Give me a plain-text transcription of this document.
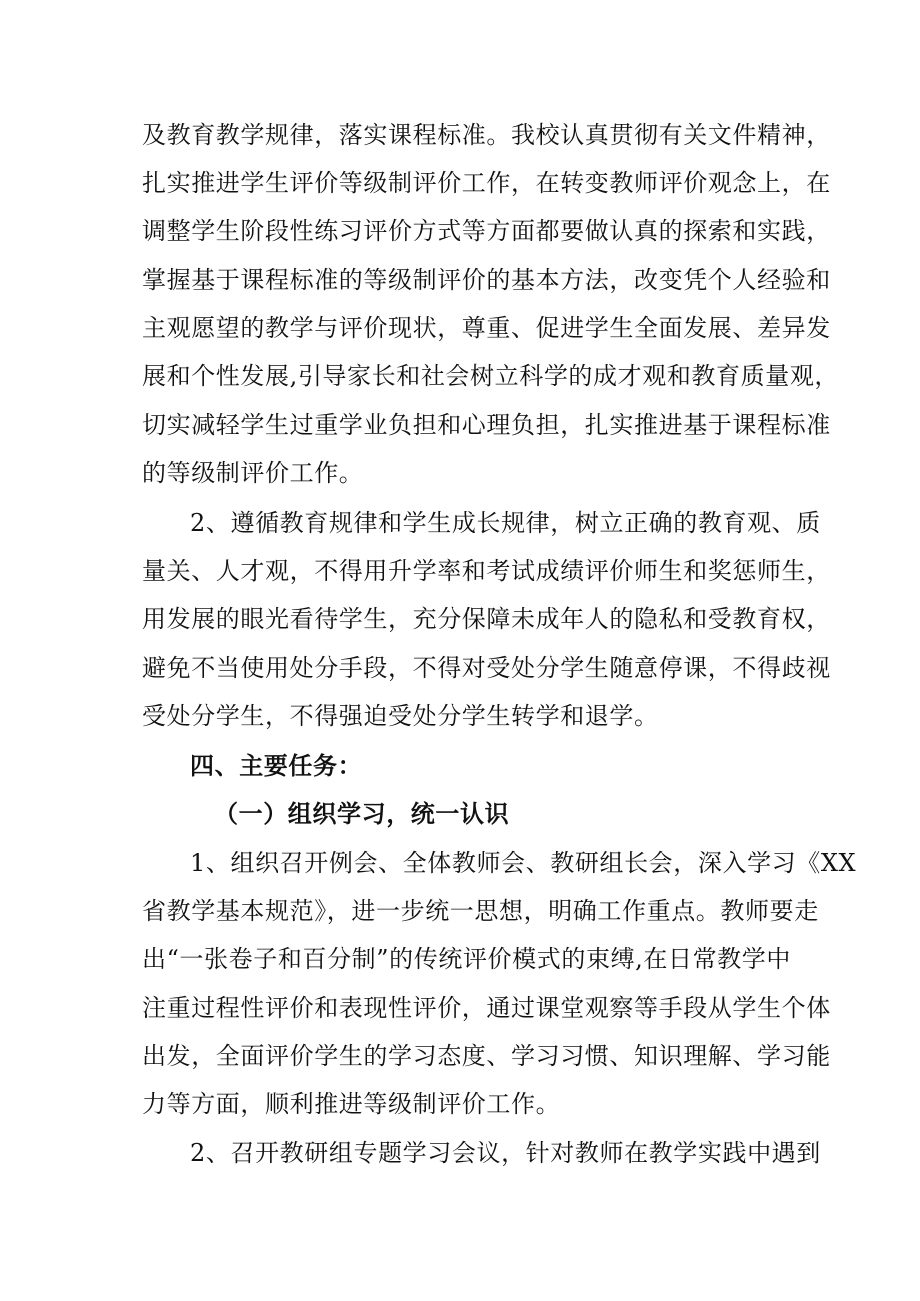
及教育教学规律，落实课程标准。我校认真贯彻有关文件精神，
扎实推进学生评价等级制评价工作，在转变教师评价观念上，在
调整学生阶段性练习评价方式等方面都要做认真的探索和实践，
掌握基于课程标准的等级制评价的基本方法，改变凭个人经验和
主观愿望的教学与评价现状，尊重、促进学生全面发展、差异发
展和个性发展,引导家长和社会树立科学的成才观和教育质量观，
切实减轻学生过重学业负担和心理负担，扎实推进基于课程标准
的等级制评价工作。
2、遵循教育规律和学生成长规律，树立正确的教育观、质
量关、人才观，不得用升学率和考试成绩评价师生和奖惩师生，
用发展的眼光看待学生，充分保障未成年人的隐私和受教育权，
避免不当使用处分手段，不得对受处分学生随意停课，不得歧视
受处分学生，不得强迫受处分学生转学和退学。
四、主要任务：
（一）组织学习，统一认识
1、组织召开例会、全体教师会、教研组长会，深入学习《XX
省教学基本规范》，进一步统一思想，明确工作重点。教师要走
出“一张卷子和百分制”的传统评价模式的束缚,在日常教学中
注重过程性评价和表现性评价，通过课堂观察等手段从学生个体
出发，全面评价学生的学习态度、学习习惯、知识理解、学习能
力等方面，顺利推进等级制评价工作。
2、召开教研组专题学习会议，针对教师在教学实践中遇到
